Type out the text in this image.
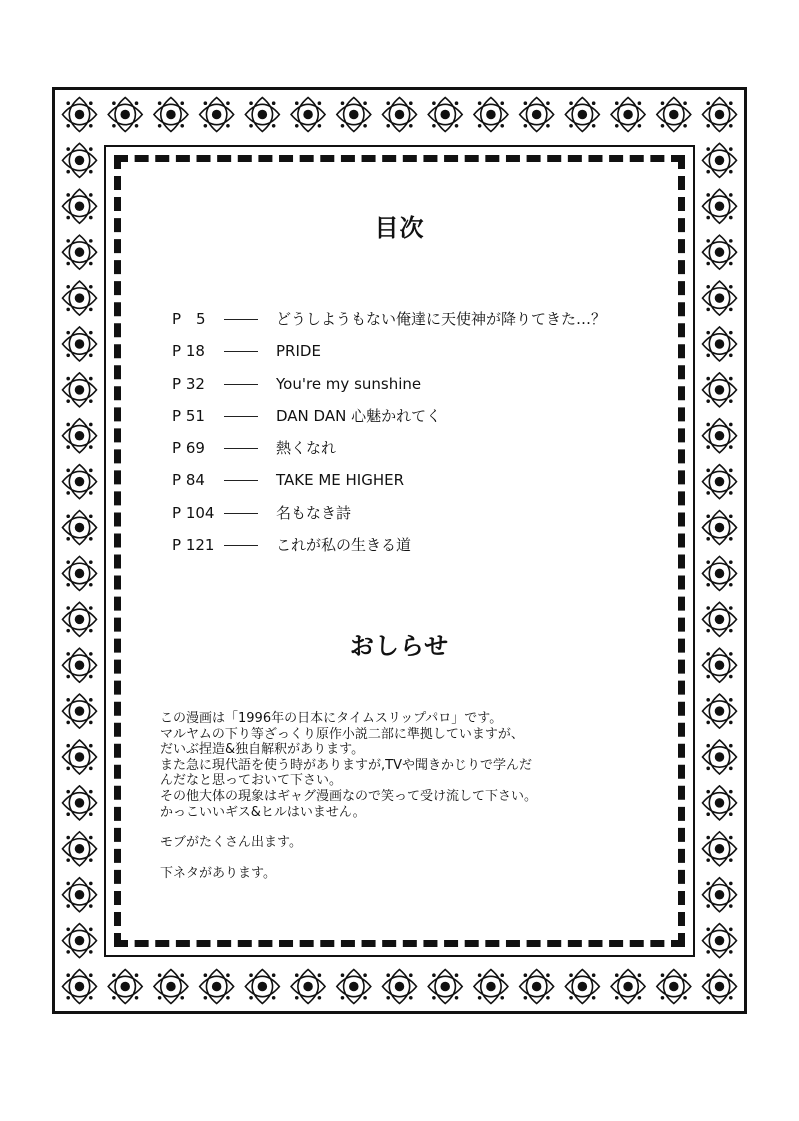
目次
P　5	どうしようもない俺達に天使神が降りてきた…？
P 18	PRIDE
P 32	You're my sunshine
P 51	DAN DAN 心魅かれてく
P 69	熱くなれ
P 84	TAKE ME HIGHER
P 104	名もなき詩
P 121	これが私の生きる道
おしらせ

この漫画は「1996年の日本にタイムスリップパロ」です。

マルヤムの下り等ざっくり原作小説二部に準拠していますが、

だいぶ捏造&独自解釈があります。

また急に現代語を使う時がありますが,TVや聞きかじりで学んだ

んだなと思っておいて下さい。

その他大体の現象はギャグ漫画なので笑って受け流して下さい。

かっこいいギス&ヒルはいません。

モブがたくさん出ます。

下ネタがあります。
